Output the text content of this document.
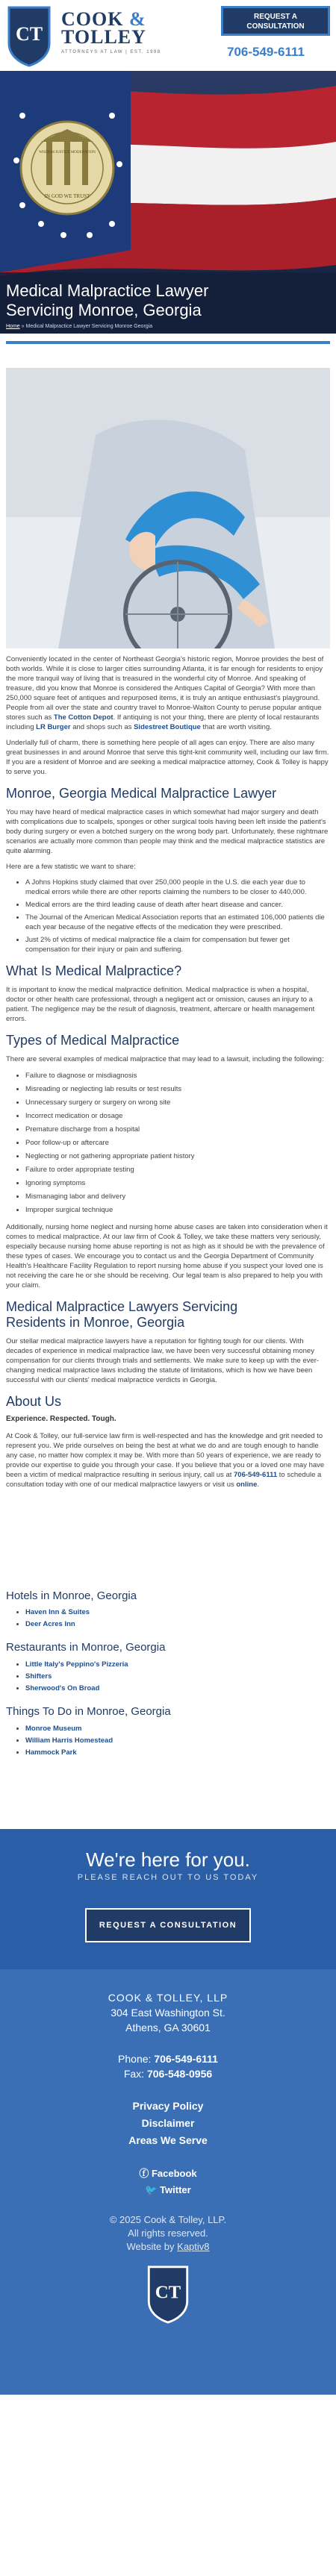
CT
COOK &
TOLLEY
ATTORNEYS AT LAW | EST. 1998
REQUEST A
CONSULTATION
706-549-6111
IN GOD WE TRUST
WISDOM JUSTICE MODERATION
Medical Malpractice Lawyer
Servicing Monroe, Georgia
Home » Medical Malpractice Lawyer Servicing Monroe Georgia

Conveniently located in the center of Northeast Georgia's historic region, Monroe provides the best of both worlds. While it is close to larger cities surrounding Atlanta, it is far enough for residents to enjoy the more tranquil way of living that is treasured in the wonderful city of Monroe. And speaking of treasure, did you know that Monroe is considered the Antiques Capital of Georgia? With more than 250,000 square feet of antiques and repurposed items, it is truly an antique enthusiast's playground. People from all over the state and country travel to Monroe-Walton County to peruse popular antique stores such as The Cotton Depot. If antiquing is not your thing, there are plenty of local restaurants including LR Burger and shops such as Sidestreet Boutique that are worth visiting.

Underlally full of charm, there is something here people of all ages can enjoy. There are also many great businesses in and around Monroe that serve this tight-knit community well, including our law firm. If you are a resident of Monroe and are seeking a medical malpractice attorney, Cook & Tolley is happy to serve you.

Monroe, Georgia Medical Malpractice Lawyer

You may have heard of medical malpractice cases in which somewhat had major surgery and death with complications due to scalpels, sponges or other surgical tools having been left inside the patient's body during surgery or even a botched surgery on the wrong body part. Unfortunately, these nightmare scenarios are actually more common than people may think and the medical malpractice statistics are quite alarming.

Here are a few statistic we want to share:

• A Johns Hopkins study claimed that over 250,000 people in the U.S. die each year due to medical errors while there are other reports claiming the numbers to be closer to 440,000.
• Medical errors are the third leading cause of death after heart disease and cancer.
• The Journal of the American Medical Association reports that an estimated 106,000 patients die each year because of the negative effects of the medication they were prescribed.
• Just 2% of victims of medical malpractice file a claim for compensation but fewer get compensation for their injury or pain and suffering.
What Is Medical Malpractice?

It is important to know the medical malpractice definition. Medical malpractice is when a hospital, doctor or other health care professional, through a negligent act or omission, causes an injury to a patient. The negligence may be the result of diagnosis, treatment, aftercare or health management errors.

Types of Medical Malpractice

There are several examples of medical malpractice that may lead to a lawsuit, including the following:

• Failure to diagnose or misdiagnosis
• Misreading or neglecting lab results or test results
• Unnecessary surgery or surgery on wrong site
• Incorrect medication or dosage
• Premature discharge from a hospital
• Poor follow-up or aftercare
• Neglecting or not gathering appropriate patient history
• Failure to order appropriate testing
• Ignoring symptoms
• Mismanaging labor and delivery
• Improper surgical technique

Additionally, nursing home neglect and nursing home abuse cases are taken into consideration when it comes to medical malpractice. At our law firm of Cook & Tolley, we take these matters very seriously, especially because nursing home abuse reporting is not as high as it should be with the prevalence of these types of cases. We encourage you to contact us and the Georgia Department of Community Health's Healthcare Facility Regulation to report nursing home abuse if you suspect your loved one is not receiving the care he or she should be receiving. Our legal team is also prepared to help you with your claim.

Medical Malpractice Lawyers Servicing
Residents in Monroe, Georgia

Our stellar medical malpractice lawyers have a reputation for fighting tough for our clients. With decades of experience in medical malpractice law, we have been very successful obtaining money compensation for our clients through trials and settlements. We make sure to keep up with the ever-changing medical malpractice laws including the statute of limitations, which is how we have been successful with our clients' medical malpractice verdicts in Georgia.

About Us
Experience. Respected. Tough.

At Cook & Tolley, our full-service law firm is well-respected and has the knowledge and grit needed to represent you. We pride ourselves on being the best at what we do and are tough enough to handle any case, no matter how complex it may be. With more than 50 years of experience, we are ready to provide our expertise to guide you through your case. If you believe that you or a loved one may have been a victim of medical malpractice resulting in serious injury, call us at 706-549-6111 to schedule a consultation today with one of our medical malpractice lawyers or visit us online.

Hotels in Monroe, Georgia
• Haven Inn & Suites
• Deer Acres Inn
Restaurants in Monroe, Georgia
• Little Italy's Peppino's Pizzeria
• Shifters
• Sherwood's On Broad
Things To Do in Monroe, Georgia
• Monroe Museum
• William Harris Homestead
• Hammock Park
We're here for you.
PLEASE REACH OUT TO US TODAY
REQUEST A CONSULTATION
COOK & TOLLEY, LLP
304 East Washington St.
Athens, GA 30601
Phone: 706-549-6111
Fax: 706-548-0956
Privacy Policy
Disclaimer
Areas We Serve
ⓕ Facebook
🐦 Twitter
© 2025 Cook & Tolley, LLP.
All rights reserved.
Website by Kaptiv8
CT
